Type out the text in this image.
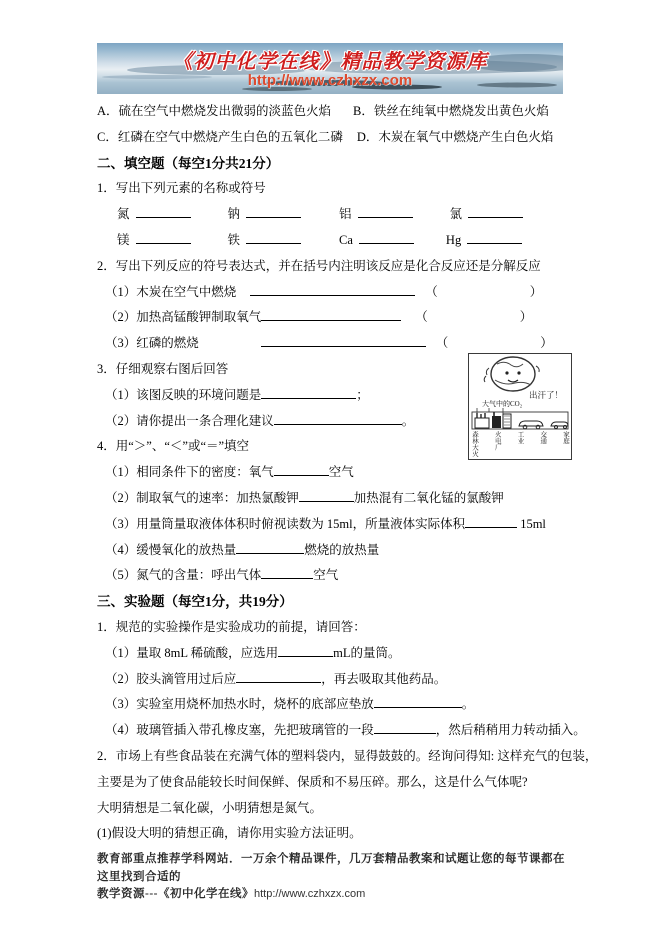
《初中化学在线》精品教学资源库
http://www.czhxzx.com
A．硫在空气中燃烧发出微弱的淡蓝色火焰 B．铁丝在纯氧中燃烧发出黄色火焰
C．红磷在空气中燃烧产生白色的五氧化二磷 D．木炭在氧气中燃烧产生白色火焰
二、填空题（每空1分共21分）
1．写出下列元素的名称或符号
氮	钠	铝	氯
镁	铁	Ca	Hg
2．写出下列反应的符号表达式，并在括号内注明该反应是化合反应还是分解反应
（1）木炭在空气中燃烧	（	）
（2）加热高锰酸钾制取氧气	（	）
（3）红磷的燃烧	（	）
3．仔细观察右图后回答
（1）该图反映的环境问题是	；
（2）请你提出一条合理化建议	。
4．用“＞”、“＜”或“＝”填空
（1）相同条件下的密度：氧气	空气
（2）制取氧气的速率：加热氯酸钾	加热混有二氧化锰的氯酸钾
（3）用量筒量取液体体积时俯视读数为 15ml，所量液体实际体积	15ml
（4）缓慢氧化的放热量	燃烧的放热量
（5）氮气的含量：呼出气体	空气
三、实验题（每空1分，共19分）
1．规范的实验操作是实验成功的前提，请回答：
（1）量取 8mL 稀硫酸，应选用	mL的量筒。
（2）胶头滴管用过后应	，再去吸取其他药品。
（3）实验室用烧杯加热水时，烧杯的底部应垫放	。
（4）玻璃管插入带孔橡皮塞，先把玻璃管的一段	，然后稍稍用力转动插入。
2．市场上有些食品装在充满气体的塑料袋内，显得鼓鼓的。经询问得知: 这样充气的包装，
主要是为了使食品能较长时间保鲜、保质和不易压碎。那么，这是什么气体呢?
大明猜想是二氧化碳，小明猜想是氮气。
(1)假设大明的猜想正确，请你用实验方法证明。
出汗了！
大气中的CO₂
森林大火 火电厂 工业 交通 家庭
教育部重点推荐学科网站．一万余个精品课件，几万套精品教案和试题让您的每节课都在这里找到合适的
教学资源---《初中化学在线》http://www.czhxzx.com
